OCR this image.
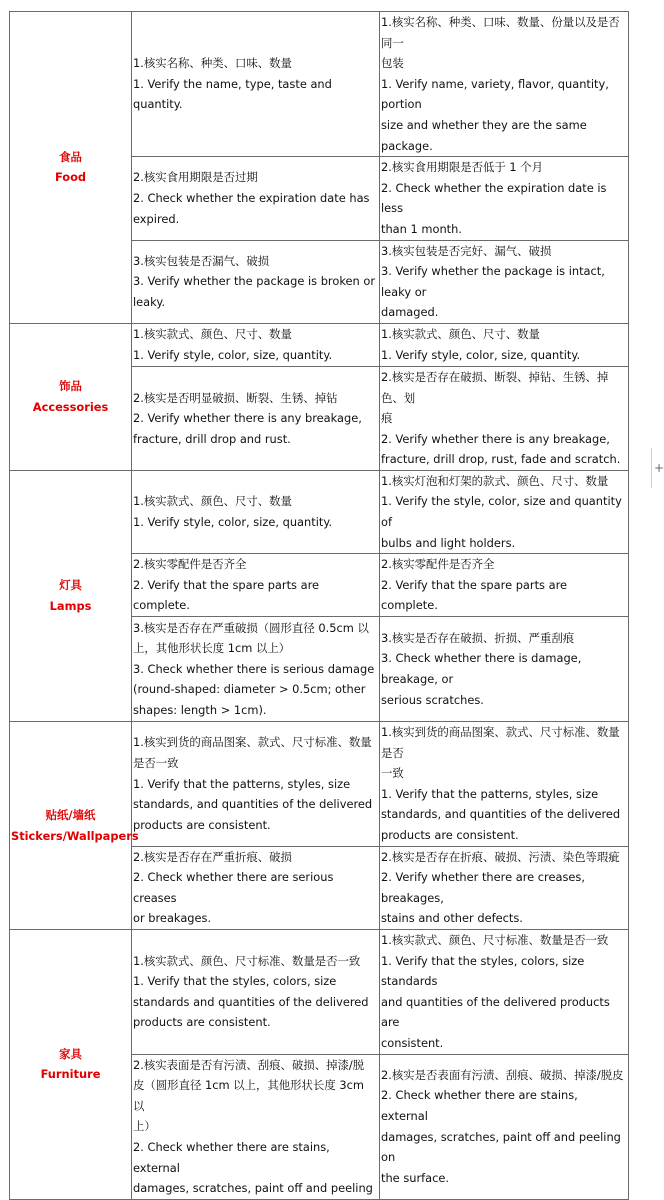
食品
Food	1.核实名称、种类、口味、数量
1. Verify the name, type, taste and quantity.	1.核实名称、种类、口味、数量、份量以及是否同一
包装
1. Verify name, variety, flavor, quantity, portion
size and whether they are the same package.

	2.核实食用期限是否过期
2. Check whether the expiration date has
expired.	2.核实食用期限是否低于 1 个月
2. Check whether the expiration date is less
than 1 month.

	3.核实包装是否漏气、破损
3. Verify whether the package is broken or
leaky.	3.核实包装是否完好、漏气、破损
3. Verify whether the package is intact, leaky or
damaged.

饰品
Accessories	1.核实款式、颜色、尺寸、数量
1. Verify style, color, size, quantity.	1.核实款式、颜色、尺寸、数量
1. Verify style, color, size, quantity.

	2.核实是否明显破损、断裂、生锈、掉钻
2. Verify whether there is any breakage,
fracture, drill drop and rust.	2.核实是否存在破损、断裂、掉钻、生锈、掉色、划
痕
2. Verify whether there is any breakage,
fracture, drill drop, rust, fade and scratch.

灯具
Lamps	1.核实款式、颜色、尺寸、数量
1. Verify style, color, size, quantity.	1.核实灯泡和灯架的款式、颜色、尺寸、数量
1. Verify the style, color, size and quantity of
bulbs and light holders.

	2.核实零配件是否齐全
2. Verify that the spare parts are complete.	2.核实零配件是否齐全
2. Verify that the spare parts are complete.

	3.核实是否存在严重破损（圆形直径 0.5cm 以
上，其他形状长度 1cm 以上）
3. Check whether there is serious damage
(round-shaped: diameter > 0.5cm; other
shapes: length > 1cm).	3.核实是否存在破损、折损、严重刮痕
3. Check whether there is damage, breakage, or
serious scratches.

贴纸/墙纸
Stickers/Wallpapers	1.核实到货的商品图案、款式、尺寸标准、数量
是否一致
1. Verify that the patterns, styles, size
standards, and quantities of the delivered
products are consistent.	1.核实到货的商品图案、款式、尺寸标准、数量是否
一致
1. Verify that the patterns, styles, size
standards, and quantities of the delivered
products are consistent.

	2.核实是否存在严重折痕、破损
2. Check whether there are serious creases
or breakages.	2.核实是否存在折痕、破损、污渍、染色等瑕疵
2. Verify whether there are creases, breakages,
stains and other defects.

家具
Furniture	1.核实款式、颜色、尺寸标准、数量是否一致
1. Verify that the styles, colors, size
standards and quantities of the delivered
products are consistent.	1.核实款式、颜色、尺寸标准、数量是否一致
1. Verify that the styles, colors, size standards
and quantities of the delivered products are
consistent.

	2.核实表面是否有污渍、刮痕、破损、掉漆/脱
皮（圆形直径 1cm 以上，其他形状长度 3cm 以
上）
2. Check whether there are stains, external
damages, scratches, paint off and peeling	2.核实是否表面有污渍、刮痕、破损、掉漆/脱皮
2. Check whether there are stains, external
damages, scratches, paint off and peeling on
the surface.
+
